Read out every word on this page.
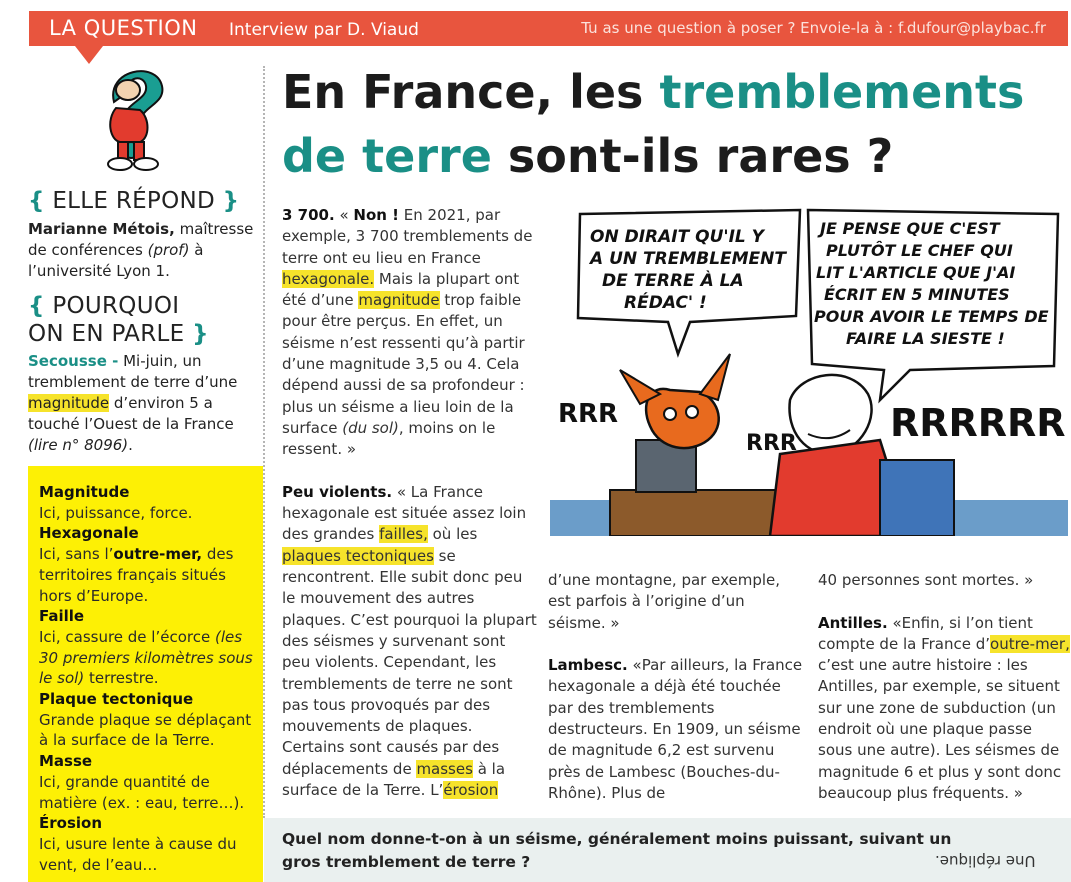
LA QUESTION Interview par D. Viaud	Tu as une question à poser ? Envoie-la à : f.dufour@playbac.fr
{ ELLE RÉPOND }
Marianne Métois, maîtresse de conférences (prof) à l’université Lyon 1.
{ POURQUOI
ON EN PARLE }
Secousse - Mi-juin, un tremblement de terre d’une magnitude d’environ 5 a touché l’Ouest de la France (lire n° 8096).
Magnitude
Ici, puissance, force.
Hexagonale
Ici, sans l’outre-mer, des territoires français situés hors d’Europe.
Faille
Ici, cassure de l’écorce (les 30 premiers kilomètres sous le sol) terrestre.
Plaque tectonique
Grande plaque se déplaçant à la surface de la Terre.
Masse
Ici, grande quantité de matière (ex. : eau, terre…).
Érosion
Ici, usure lente à cause du vent, de l’eau…
En France, les tremblements de terre sont-ils rares ?

3 700. « Non ! En 2021, par exemple, 3 700 tremblements de terre ont eu lieu en France hexagonale. Mais la plupart ont été d’une magnitude trop faible pour être perçus. En effet, un séisme n’est ressenti qu’à partir d’une magnitude 3,5 ou 4. Cela dépend aussi de sa profondeur : plus un séisme a lieu loin de la surface (du sol), moins on le ressent. »

Peu violents. « La France hexagonale est située assez loin des grandes failles, où les plaques tectoniques se rencontrent. Elle subit donc peu le mouvement des autres plaques. C’est pourquoi la plupart des séismes y survenant sont peu violents. Cependant, les tremblements de terre ne sont pas tous provoqués par des mouvements de plaques. Certains sont causés par des déplacements de masses à la surface de la Terre. L’érosion

ON DIRAIT QU'IL Y
A UN TREMBLEMENT
DE TERRE À LA
RÉDAC' !
JE PENSE QUE C'EST
PLUTÔT LE CHEF QUI
LIT L'ARTICLE QUE J'AI
ÉCRIT EN 5 MINUTES
POUR AVOIR LE TEMPS DE
FAIRE LA SIESTE !
RRR
RRR RRRRRR

d’une montagne, par exemple, est parfois à l’origine d’un séisme. »

Lambesc. «Par ailleurs, la France hexagonale a déjà été touchée par des tremblements destructeurs. En 1909, un séisme de magnitude 6,2 est survenu près de Lambesc (Bouches-du-Rhône). Plus de

40 personnes sont mortes. »

Antilles. «Enfin, si l’on tient compte de la France d’outre-mer, c’est une autre histoire : les Antilles, par exemple, se situent sur une zone de subduction (un endroit où une plaque passe sous une autre). Les séismes de magnitude 6 et plus y sont donc beaucoup plus fréquents. »

Quel nom donne-t-on à un séisme, généralement moins puissant, suivant un gros tremblement de terre ?	Une réplique.
